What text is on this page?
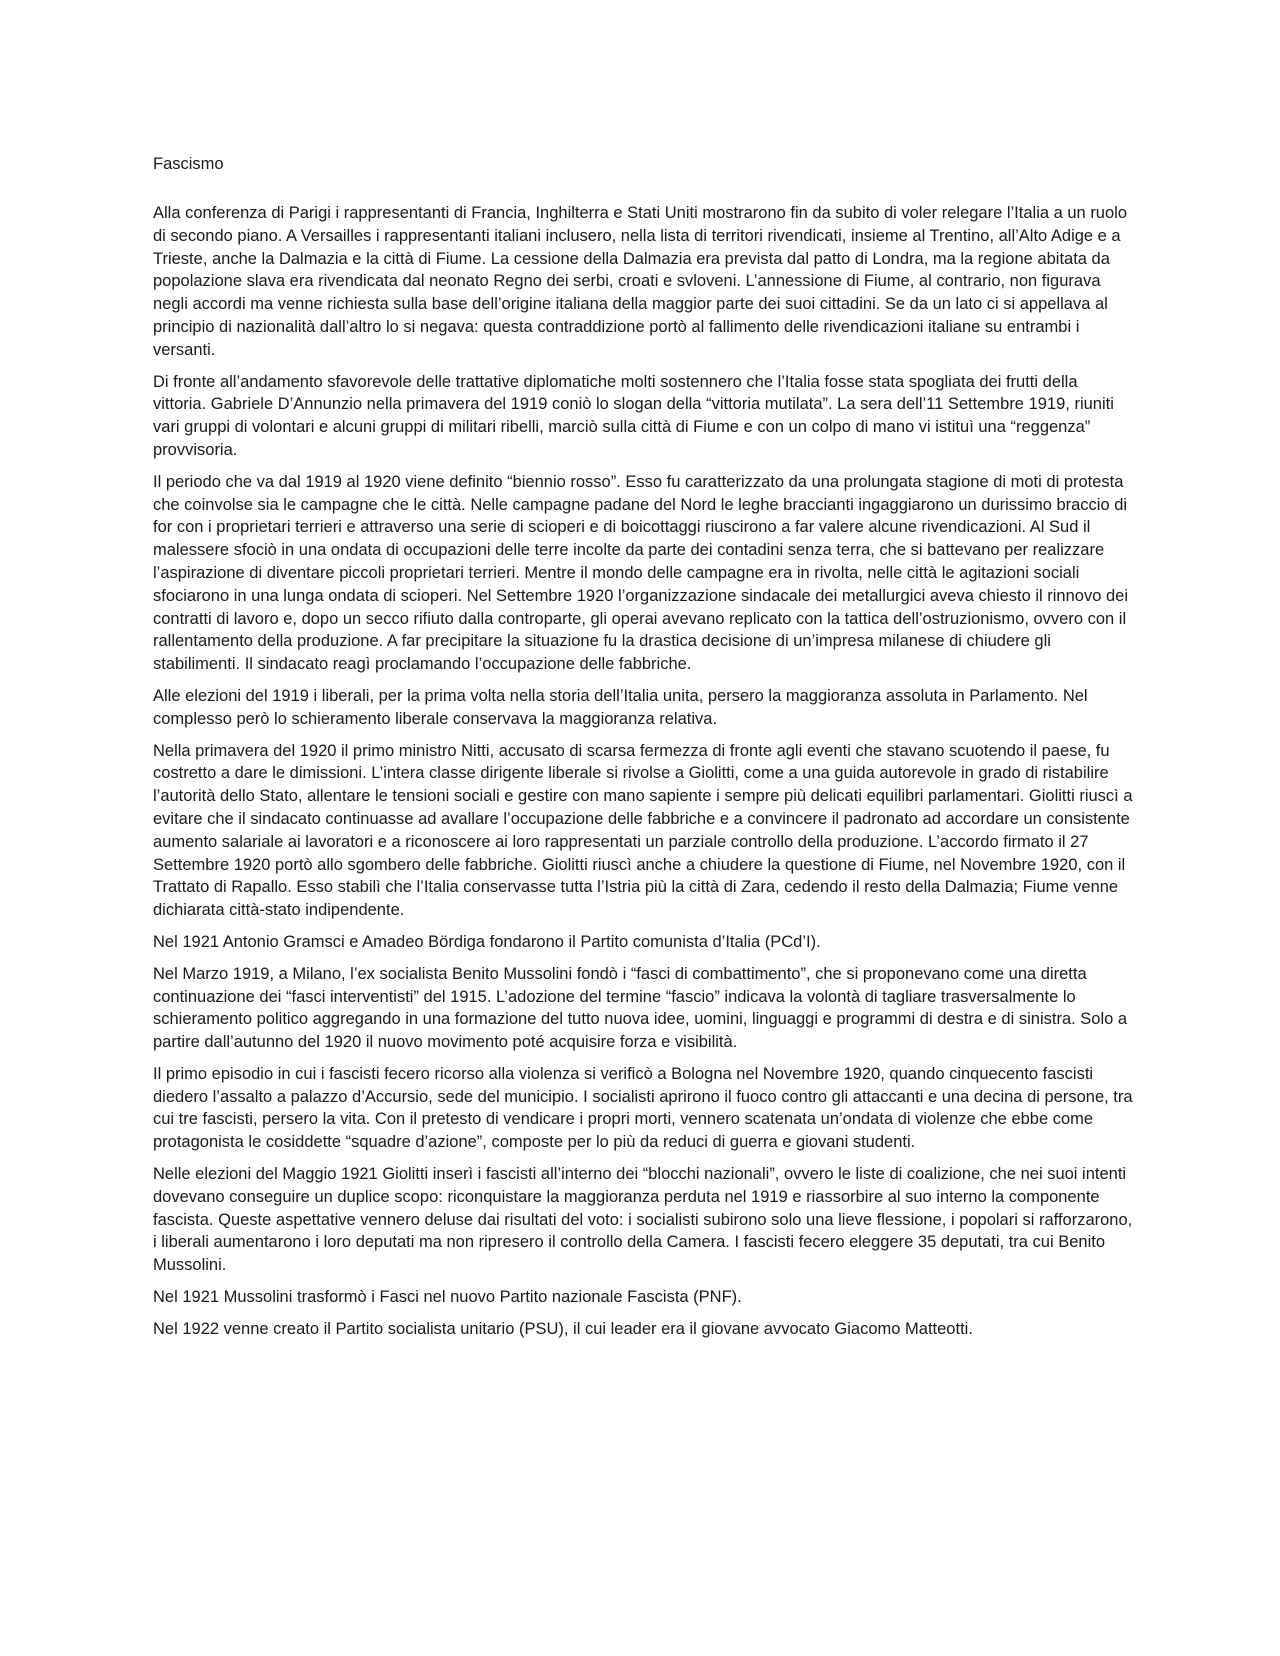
Fascismo

Alla conferenza di Parigi i rappresentanti di Francia, Inghilterra e Stati Uniti mostrarono fin da subito di voler relegare l’Italia a un ruolo di secondo piano. A Versailles i rappresentanti italiani inclusero, nella lista di territori rivendicati, insieme al Trentino, all’Alto Adige e a Trieste, anche la Dalmazia e la città di Fiume. La cessione della Dalmazia era prevista dal patto di Londra, ma la regione abitata da popolazione slava era rivendicata dal neonato Regno dei serbi, croati e svloveni. L’annessione di Fiume, al contrario, non figurava negli accordi ma venne richiesta sulla base dell’origine italiana della maggior parte dei suoi cittadini. Se da un lato ci si appellava al principio di nazionalità dall’altro lo si negava: questa contraddizione portò al fallimento delle rivendicazioni italiane su entrambi i versanti.

Di fronte all’andamento sfavorevole delle trattative diplomatiche molti sostennero che l’Italia fosse stata spogliata dei frutti della vittoria. Gabriele D’Annunzio nella primavera del 1919 coniò lo slogan della “vittoria mutilata”. La sera dell’11 Settembre 1919, riuniti vari gruppi di volontari e alcuni gruppi di militari ribelli, marciò sulla città di Fiume e con un colpo di mano vi istituì una “reggenza” provvisoria.

Il periodo che va dal 1919 al 1920 viene definito “biennio rosso”. Esso fu caratterizzato da una prolungata stagione di moti di protesta che coinvolse sia le campagne che le città. Nelle campagne padane del Nord le leghe braccianti ingaggiarono un durissimo braccio di for con i proprietari terrieri e attraverso una serie di scioperi e di boicottaggi riuscirono a far valere alcune rivendicazioni. Al Sud il malessere sfociò in una ondata di occupazioni delle terre incolte da parte dei contadini senza terra, che si battevano per realizzare l’aspirazione di diventare piccoli proprietari terrieri. Mentre il mondo delle campagne era in rivolta, nelle città le agitazioni sociali sfociarono in una lunga ondata di scioperi. Nel Settembre 1920 l’organizzazione sindacale dei metallurgici aveva chiesto il rinnovo dei contratti di lavoro e, dopo un secco rifiuto dalla controparte, gli operai avevano replicato con la tattica dell’ostruzionismo, ovvero con il rallentamento della produzione. A far precipitare la situazione fu la drastica decisione di un’impresa milanese di chiudere gli stabilimenti. Il sindacato reagì proclamando l’occupazione delle fabbriche.

Alle elezioni del 1919 i liberali, per la prima volta nella storia dell’Italia unita, persero la maggioranza assoluta in Parlamento. Nel complesso però lo schieramento liberale conservava la maggioranza relativa.

Nella primavera del 1920 il primo ministro Nitti, accusato di scarsa fermezza di fronte agli eventi che stavano scuotendo il paese, fu costretto a dare le dimissioni. L’intera classe dirigente liberale si rivolse a Giolitti, come a una guida autorevole in grado di ristabilire l’autorità dello Stato, allentare le tensioni sociali e gestire con mano sapiente i sempre più delicati equilibri parlamentari. Giolitti riuscì a evitare che il sindacato continuasse ad avallare l’occupazione delle fabbriche e a convincere il padronato ad accordare un consistente aumento salariale ai lavoratori e a riconoscere ai loro rappresentati un parziale controllo della produzione. L’accordo firmato il 27 Settembre 1920 portò allo sgombero delle fabbriche. Giolitti riuscì anche a chiudere la questione di Fiume, nel Novembre 1920, con il Trattato di Rapallo. Esso stabilì che l’Italia conservasse tutta l’Istria più la città di Zara, cedendo il resto della Dalmazia; Fiume venne dichiarata città-stato indipendente.

Nel 1921 Antonio Gramsci e Amadeo Bördiga fondarono il Partito comunista d’Italia (PCd’I).

Nel Marzo 1919, a Milano, l’ex socialista Benito Mussolini fondò i “fasci di combattimento”, che si proponevano come una diretta continuazione dei “fasci interventisti” del 1915. L’adozione del termine “fascio” indicava la volontà di tagliare trasversalmente lo schieramento politico aggregando in una formazione del tutto nuova idee, uomini, linguaggi e programmi di destra e di sinistra. Solo a partire dall’autunno del 1920 il nuovo movimento poté acquisire forza e visibilità.

Il primo episodio in cui i fascisti fecero ricorso alla violenza si verificò a Bologna nel Novembre 1920, quando cinquecento fascisti diedero l’assalto a palazzo d’Accursio, sede del municipio. I socialisti aprirono il fuoco contro gli attaccanti e una decina di persone, tra cui tre fascisti, persero la vita. Con il pretesto di vendicare i propri morti, vennero scatenata un’ondata di violenze che ebbe come protagonista le cosiddette “squadre d’azione”, composte per lo più da reduci di guerra e giovani studenti.

Nelle elezioni del Maggio 1921 Giolitti inserì i fascisti all’interno dei “blocchi nazionali”, ovvero le liste di coalizione, che nei suoi intenti dovevano conseguire un duplice scopo: riconquistare la maggioranza perduta nel 1919 e riassorbire al suo interno la componente fascista. Queste aspettative vennero deluse dai risultati del voto: i socialisti subirono solo una lieve flessione, i popolari si rafforzarono, i liberali aumentarono i loro deputati ma non ripresero il controllo della Camera. I fascisti fecero eleggere 35 deputati, tra cui Benito Mussolini.

Nel 1921 Mussolini trasformò i Fasci nel nuovo Partito nazionale Fascista (PNF).

Nel 1922 venne creato il Partito socialista unitario (PSU), il cui leader era il giovane avvocato Giacomo Matteotti.
